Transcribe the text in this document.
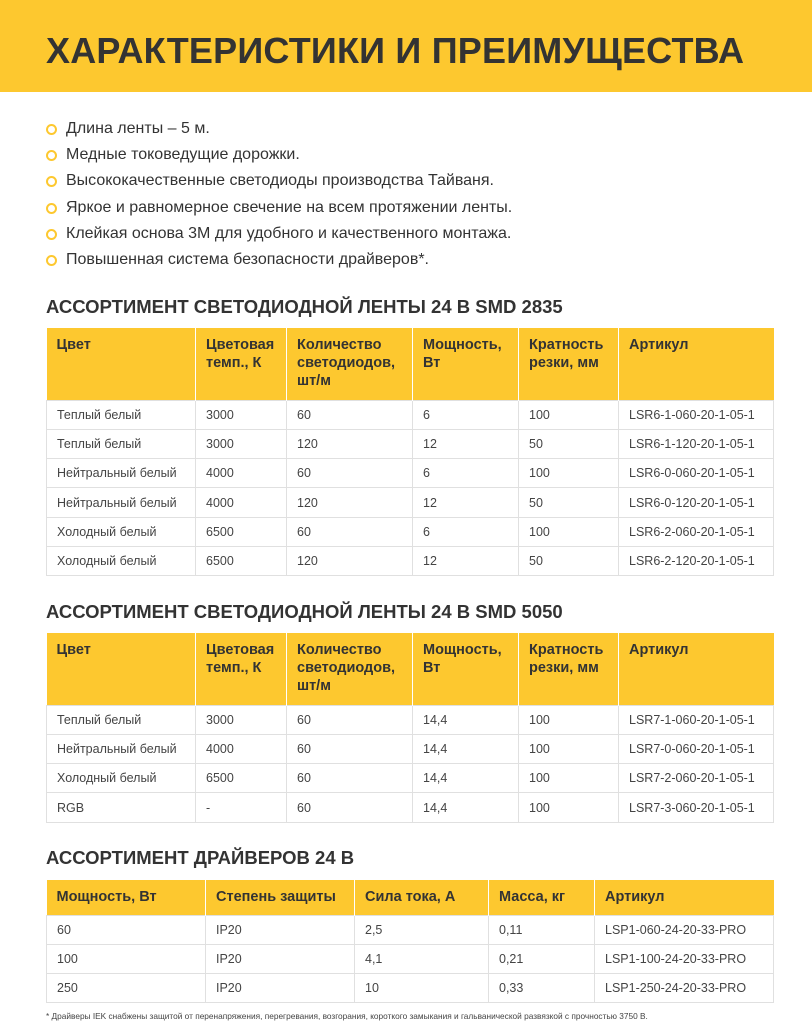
ХАРАКТЕРИСТИКИ И ПРЕИМУЩЕСТВА
Длина ленты – 5 м.
Медные токоведущие дорожки.
Высококачественные светодиоды производства Тайваня.
Яркое и равномерное свечение на всем протяжении ленты.
Клейкая основа 3М для удобного и качественного монтажа.
Повышенная система безопасности драйверов*.
АССОРТИМЕНТ СВЕТОДИОДНОЙ ЛЕНТЫ 24 В SMD 2835
Цвет	Цветовая темп., К	Количество светодиодов, шт/м	Мощность, Вт	Кратность резки, мм	Артикул
Теплый белый	3000	60	6	100	LSR6-1-060-20-1-05-1
Теплый белый	3000	120	12	50	LSR6-1-120-20-1-05-1
Нейтральный белый	4000	60	6	100	LSR6-0-060-20-1-05-1
Нейтральный белый	4000	120	12	50	LSR6-0-120-20-1-05-1
Холодный белый	6500	60	6	100	LSR6-2-060-20-1-05-1
Холодный белый	6500	120	12	50	LSR6-2-120-20-1-05-1
АССОРТИМЕНТ СВЕТОДИОДНОЙ ЛЕНТЫ 24 В SMD 5050
Цвет	Цветовая темп., К	Количество светодиодов, шт/м	Мощность, Вт	Кратность резки, мм	Артикул
Теплый белый	3000	60	14,4	100	LSR7-1-060-20-1-05-1
Нейтральный белый	4000	60	14,4	100	LSR7-0-060-20-1-05-1
Холодный белый	6500	60	14,4	100	LSR7-2-060-20-1-05-1
RGB	-	60	14,4	100	LSR7-3-060-20-1-05-1
АССОРТИМЕНТ ДРАЙВЕРОВ 24 В
Мощность, Вт	Степень защиты	Сила тока, А	Масса, кг	Артикул
60	IP20	2,5	0,11	LSP1-060-24-20-33-PRO
100	IP20	4,1	0,21	LSP1-100-24-20-33-PRO
250	IP20	10	0,33	LSP1-250-24-20-33-PRO
* Драйверы IEK снабжены защитой от перенапряжения, перегревания, возгорания, короткого замыкания и гальванической развязкой с прочностью 3750 В.
